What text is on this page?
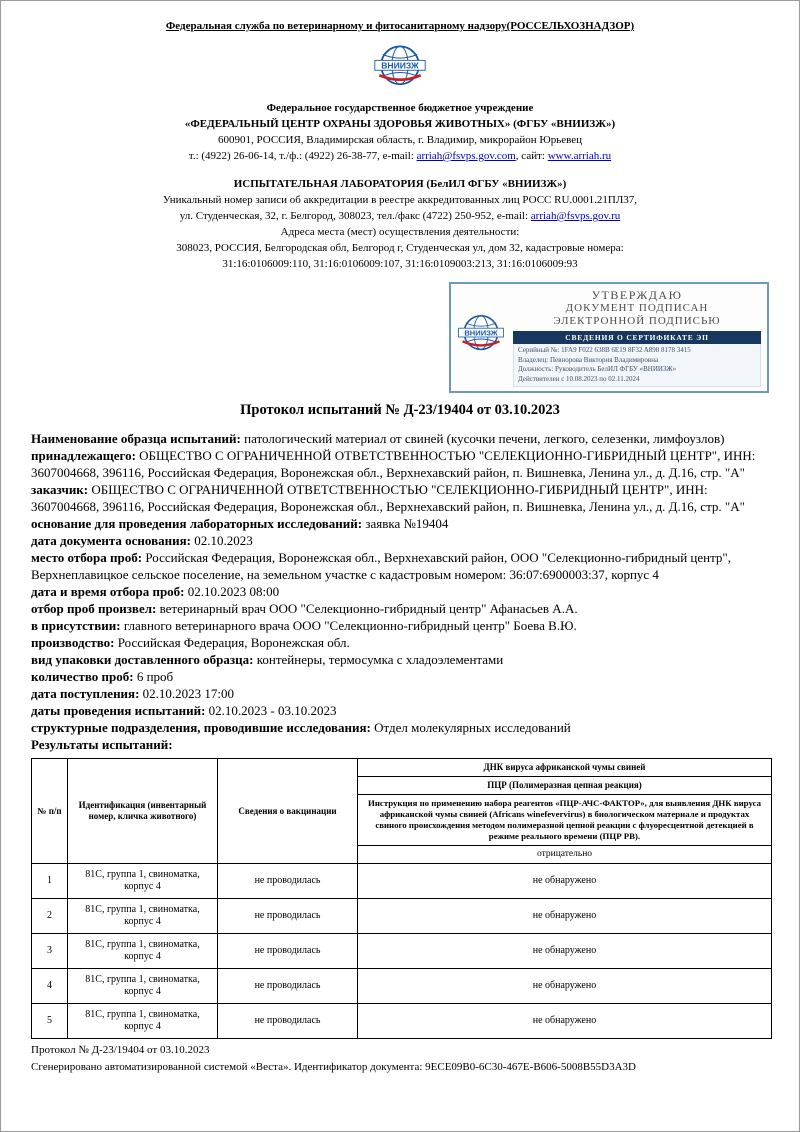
Федеральная служба по ветеринарному и фитосанитарному надзору(РОССЕЛЬХОЗНАДЗОР)
ВНИИЗЖ
Федеральное государственное бюджетное учреждение
«ФЕДЕРАЛЬНЫЙ ЦЕНТР ОХРАНЫ ЗДОРОВЬЯ ЖИВОТНЫХ» (ФГБУ «ВНИИЗЖ»)
600901, РОССИЯ, Владимирская область, г. Владимир, микрорайон Юрьевец
т.: (4922) 26-06-14, т./ф.: (4922) 26-38-77, e-mail: arriah@fsvps.gov.com, сайт: www.arriah.ru
ИСПЫТАТЕЛЬНАЯ ЛАБОРАТОРИЯ (БелИЛ ФГБУ «ВНИИЗЖ»)
Уникальный номер записи об аккредитации в реестре аккредитованных лиц РОСС RU.0001.21ПЛ37,
ул. Студенческая, 32, г. Белгород, 308023, тел./факс (4722) 250-952, e-mail: arriah@fsvps.gov.ru
Адреса места (мест) осуществления деятельности:
308023, РОССИЯ, Белгородская обл, Белгород г, Студенческая ул, дом 32, кадастровые номера:
31:16:0106009:110, 31:16:0106009:107, 31:16:0109003:213, 31:16:0106009:93
ВНИИЗЖ
УТВЕРЖДАЮ
ДОКУМЕНТ ПОДПИСАН
ЭЛЕКТРОННОЙ ПОДПИСЬЮ
СВЕДЕНИЯ О СЕРТИФИКАТЕ ЭП
Серийный №: 1FA9 F022 638B 6E19 8F32 A898 8178 3415
Владелец: Певнорова Виктория Владимировна
Должность: Руководитель БелИЛ ФГБУ «ВНИИЗЖ»
Действителен с 10.08.2023 по 02.11.2024
Протокол испытаний № Д-23/19404 от 03.10.2023

Наименование образца испытаний: патологический материал от свиней (кусочки печени, легкого, селезенки, лимфоузлов)

принадлежащего: ОБЩЕСТВО С ОГРАНИЧЕННОЙ ОТВЕТСТВЕННОСТЬЮ "СЕЛЕКЦИОННО-ГИБРИДНЫЙ ЦЕНТР", ИНН: 3607004668, 396116, Российская Федерация, Воронежская обл., Верхнехавский район, п. Вишневка, Ленина ул., д. Д.16, стр. "А"

заказчик: ОБЩЕСТВО С ОГРАНИЧЕННОЙ ОТВЕТСТВЕННОСТЬЮ "СЕЛЕКЦИОННО-ГИБРИДНЫЙ ЦЕНТР", ИНН: 3607004668, 396116, Российская Федерация, Воронежская обл., Верхнехавский район, п. Вишневка, Ленина ул., д. Д.16, стр. "А"

основание для проведения лабораторных исследований: заявка №19404

дата документа основания: 02.10.2023

место отбора проб: Российская Федерация, Воронежская обл., Верхнехавский район, ООО "Селекционно-гибридный центр", Верхнеплавицкое сельское поселение, на земельном участке с кадастровым номером: 36:07:6900003:37, корпус 4

дата и время отбора проб: 02.10.2023 08:00

отбор проб произвел: ветеринарный врач ООО "Селекционно-гибридный центр" Афанасьев А.А.

в присутствии: главного ветеринарного врача ООО "Селекционно-гибридный центр" Боева В.Ю.

производство: Российская Федерация, Воронежская обл.

вид упаковки доставленного образца: контейнеры, термосумка с хладоэлементами

количество проб: 6 проб

дата поступления: 02.10.2023 17:00

даты проведения испытаний: 02.10.2023 - 03.10.2023

структурные подразделения, проводившие исследования: Отдел молекулярных исследований

Результаты испытаний:

№ п/п	Идентификация (инвентарный номер, кличка животного)	Сведения о вакцинации	ДНК вируса африканской чумы свиней
			ПЦР (Полимеразная цепная реакция)
			Инструкция по применению набора реагентов «ПЦР-АЧС-ФАКТОР», для выявления ДНК вируса африканской чумы свиней (Africans winefevervirus) в биологическом материале и продуктах свиного происхождения методом полимеразной цепной реакции с флуоресцентной детекцией в режиме реального времени (ПЦР РВ).
			отрицательно
1	81С, группа 1, свиноматка, корпус 4	не проводилась	не обнаружено
2	81С, группа 1, свиноматка, корпус 4	не проводилась	не обнаружено
3	81С, группа 1, свиноматка, корпус 4	не проводилась	не обнаружено
4	81С, группа 1, свиноматка, корпус 4	не проводилась	не обнаружено
5	81С, группа 1, свиноматка, корпус 4	не проводилась	не обнаружено
Протокол № Д-23/19404 от 03.10.2023
Сгенерировано автоматизированной системой «Веста». Идентификатор документа: 9ECE09B0-6C30-467E-B606-5008B55D3A3D
